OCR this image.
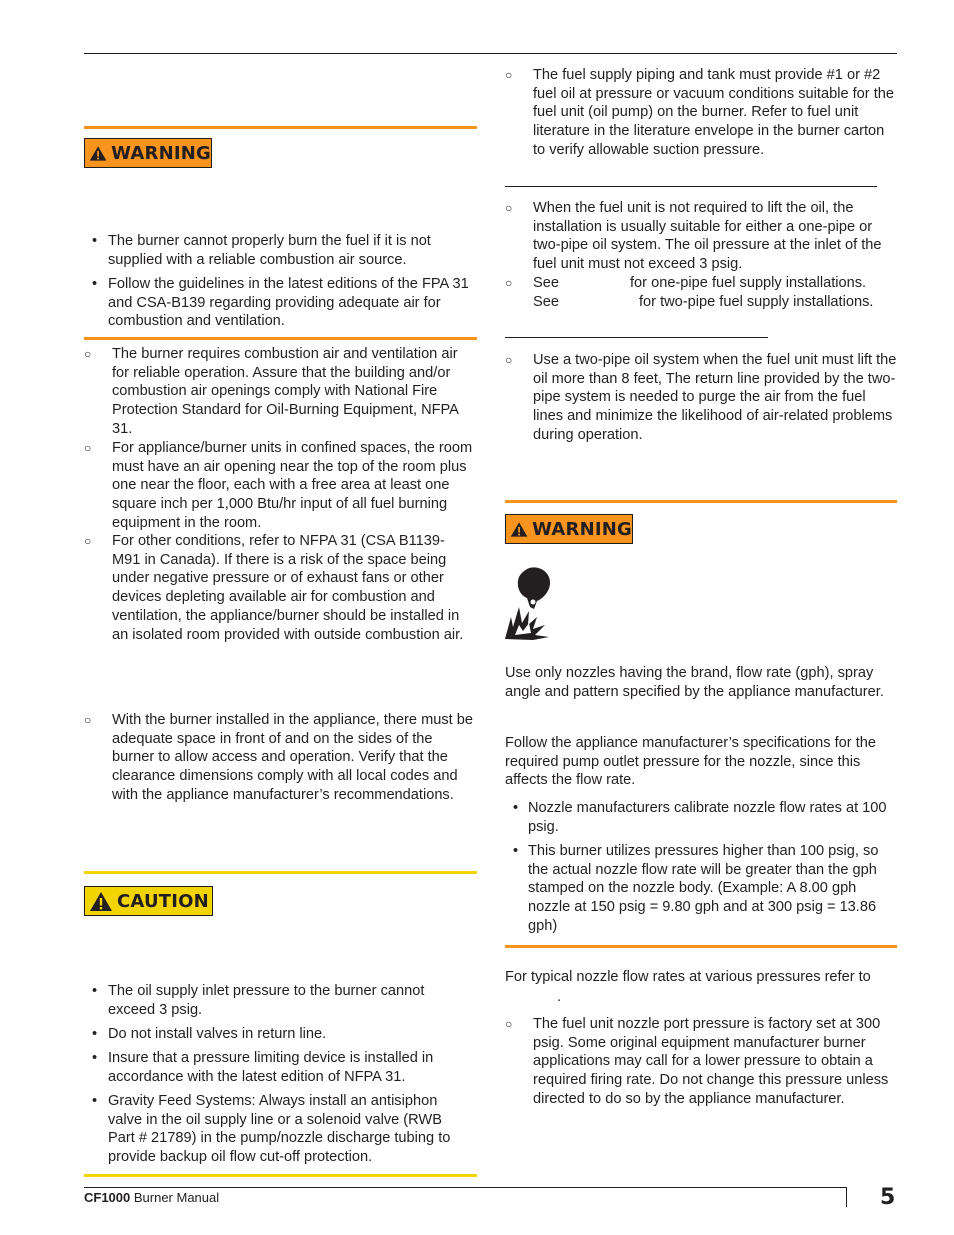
WARNING
• The burner cannot properly burn the fuel if it is not supplied with a reliable combustion air source.
• Follow the guidelines in the latest editions of the FPA 31 and CSA-B139 regarding providing adequate air for combustion and ventilation.
○ The burner requires combustion air and ventilation air for reliable operation. Assure that the building and/or combustion air openings comply with National Fire Protection Standard for Oil-Burning Equipment, NFPA 31.
○ For appliance/burner units in confined spaces, the room must have an air opening near the top of the room plus one near the floor, each with a free area at least one square inch per 1,000 Btu/hr input of all fuel burning equipment in the room.
○ For other conditions, refer to NFPA 31 (CSA B1139-M91 in Canada). If there is a risk of the space being under negative pressure or of exhaust fans or other devices depleting available air for combustion and ventilation, the appliance/burner should be installed in an isolated room provided with outside combustion air.
○ With the burner installed in the appliance, there must be adequate space in front of and on the sides of the burner to allow access and operation. Verify that the clearance dimensions comply with all local codes and with the appliance manufacturer’s recommendations.
CAUTION
• The oil supply inlet pressure to the burner cannot exceed 3 psig.
• Do not install valves in return line.
• Insure that a pressure limiting device is installed in accordance with the latest edition of NFPA 31.
• Gravity Feed Systems: Always install an antisiphon valve in the oil supply line or a solenoid valve (RWB Part # 21789) in the pump/nozzle discharge tubing to provide backup oil flow cut-off protection.
○ The fuel supply piping and tank must provide #1 or #2 fuel oil at pressure or vacuum conditions suitable for the fuel unit (oil pump) on the burner. Refer to fuel unit literature in the literature envelope in the burner carton to verify allowable suction pressure.
○ When the fuel unit is not required to lift the oil, the installation is usually suitable for either a one-pipe or two-pipe oil system. The oil pressure at the inlet of the fuel unit must not exceed 3 psig.
○ See	for one-pipe fuel supply installations.
See	for two-pipe fuel supply installations.
○ Use a two-pipe oil system when the fuel unit must lift the oil more than 8 feet, The return line provided by the two-pipe system is needed to purge the air from the fuel lines and minimize the likelihood of air-related problems during operation.
WARNING

Use only nozzles having the brand, flow rate (gph), spray angle and pattern specified by the appliance manufacturer.

Follow the appliance manufacturer’s specifications for the required pump outlet pressure for the nozzle, since this affects the flow rate.

• Nozzle manufacturers calibrate nozzle flow rates at 100 psig.
• This burner utilizes pressures higher than 100 psig, so the actual nozzle flow rate will be greater than the gph stamped on the nozzle body. (Example: A 8.00 gph nozzle at 150 psig = 9.80 gph and at 300 psig = 13.86 gph)

For typical nozzle flow rates at various pressures refer to

.

○ The fuel unit nozzle port pressure is factory set at 300 psig. Some original equipment manufacturer burner applications may call for a lower pressure to obtain a required firing rate. Do not change this pressure unless directed to do so by the appliance manufacturer.
CF1000 Burner Manual	5
